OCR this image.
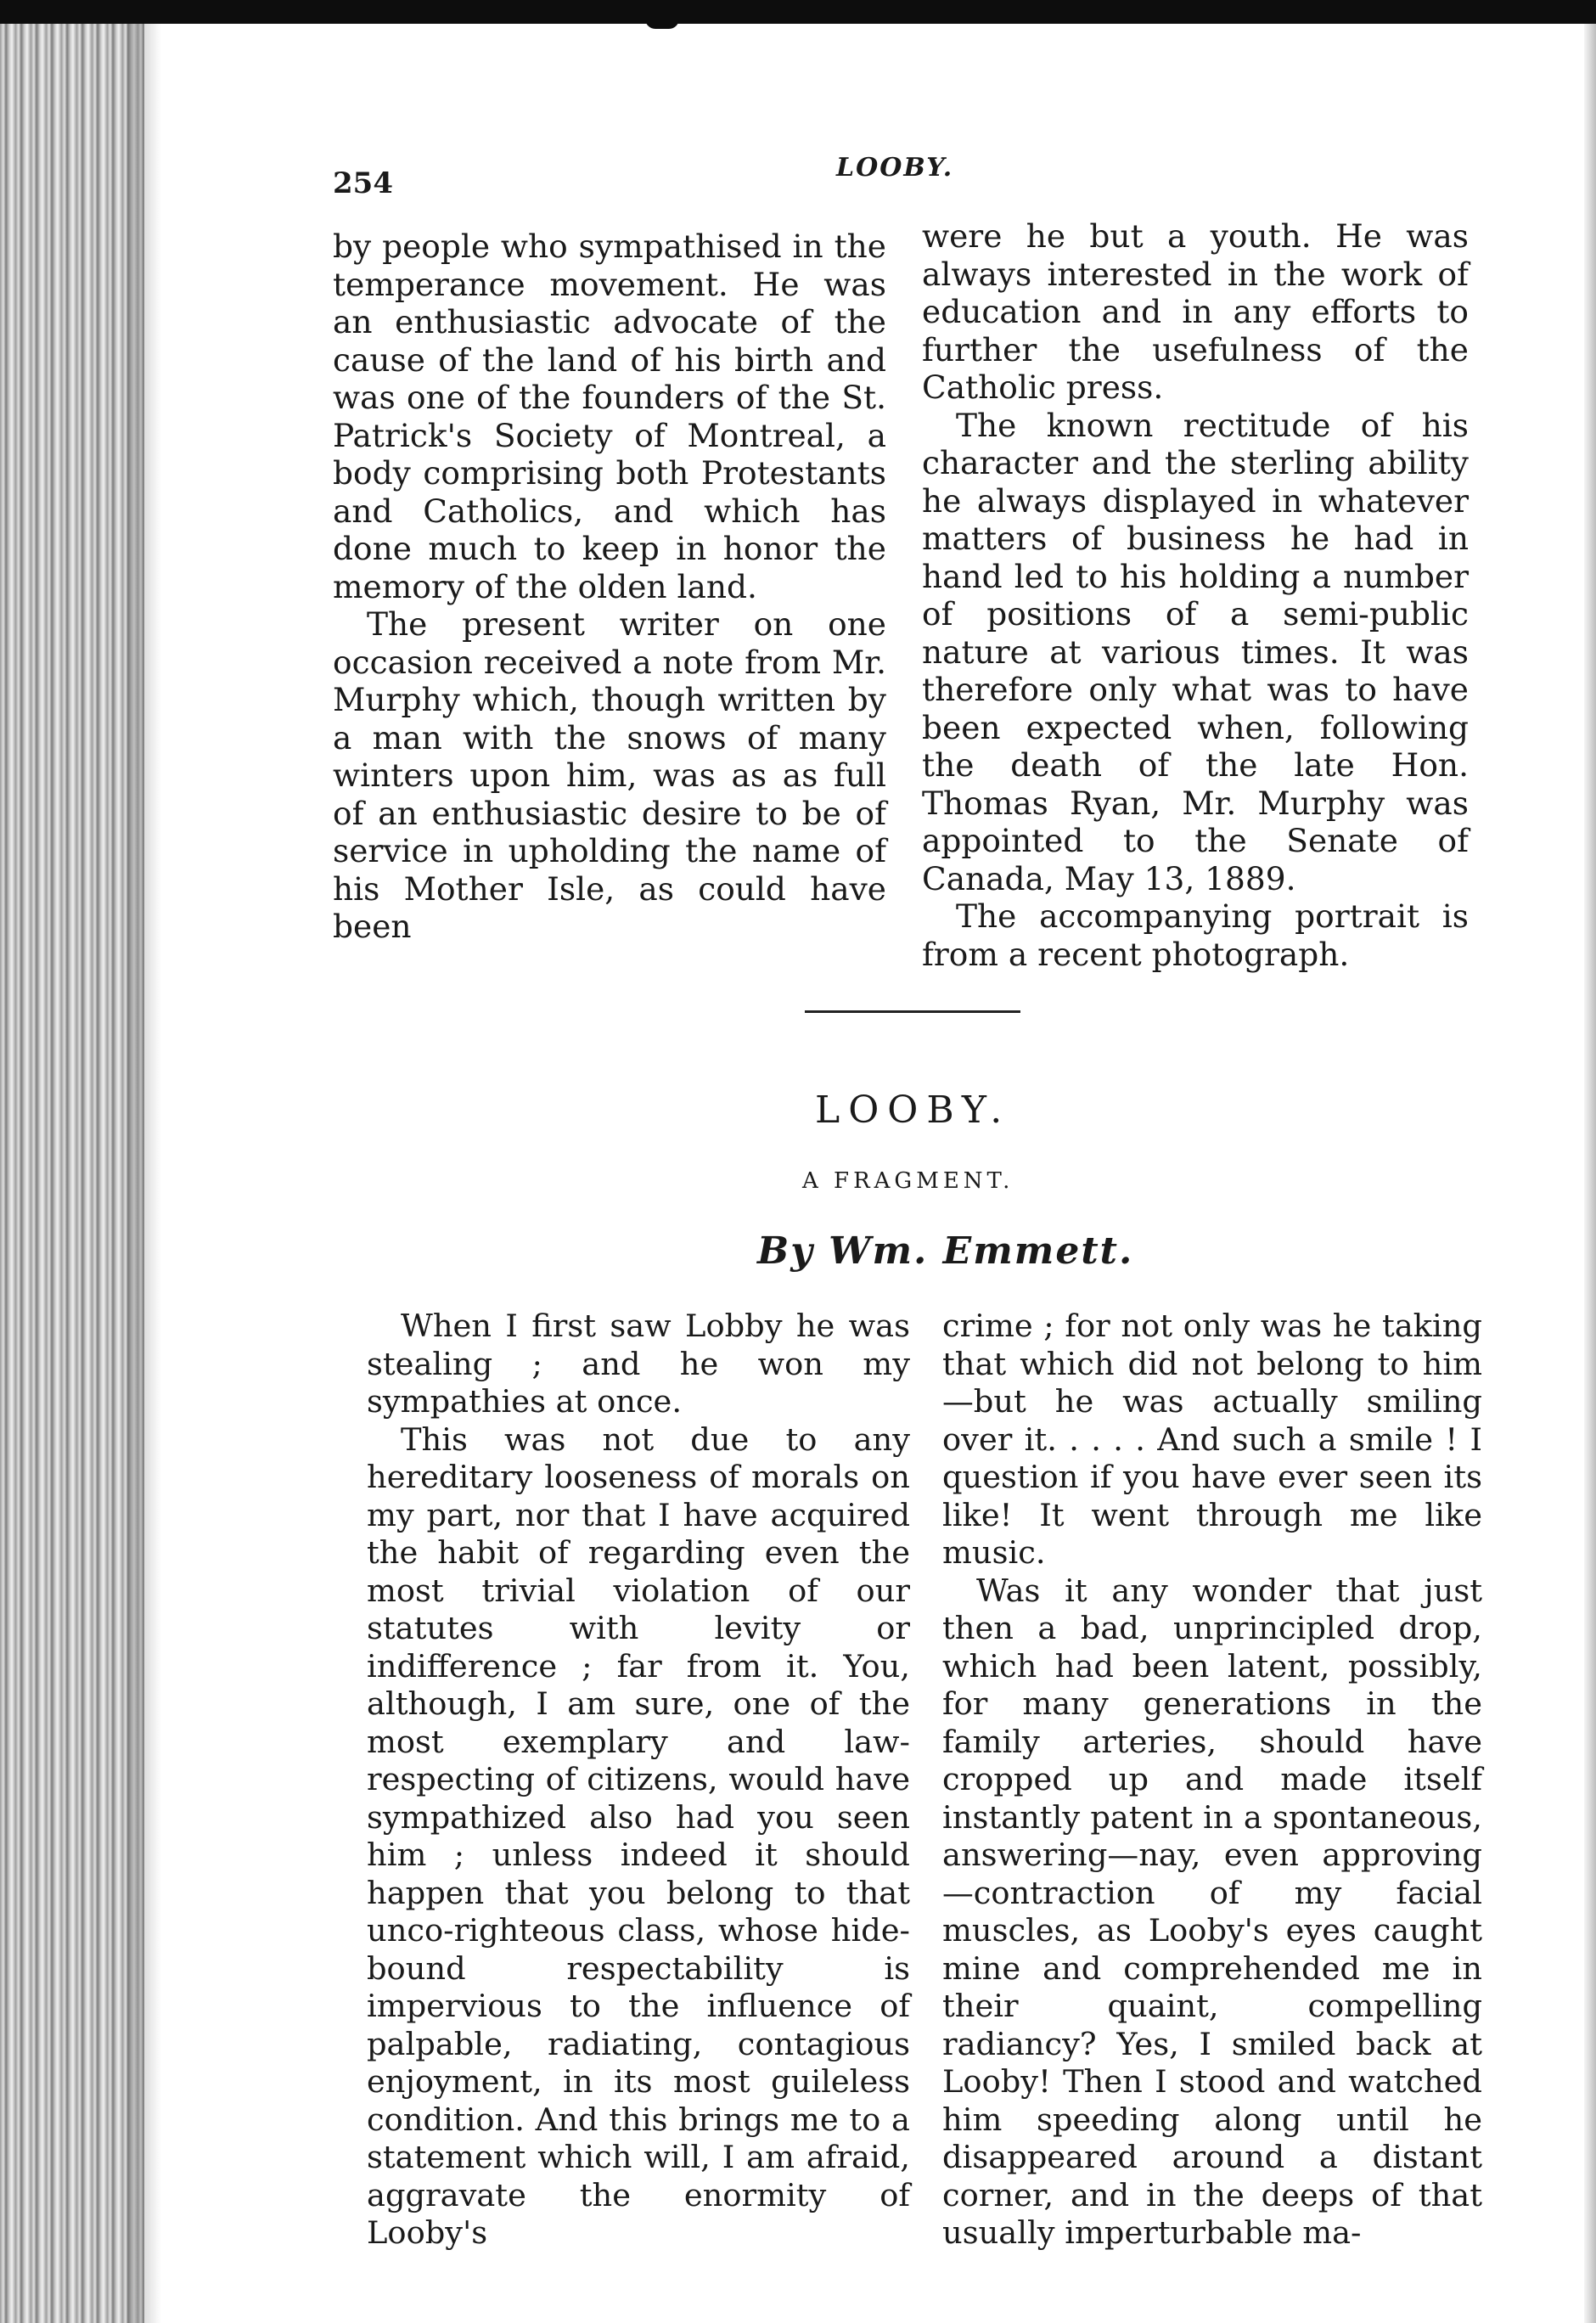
254	LOOBY.

by people who sympathised in the temperance movement. He was an enthusiastic advocate of the cause of the land of his birth and was one of the founders of the St. Patrick's Society of Montreal, a body comprising both Protestants and Catholics, and which has done much to keep in honor the memory of the olden land.

The present writer on one occasion received a note from Mr. Murphy which, though written by a man with the snows of many winters upon him, was as as full of an enthusiastic desire to be of service in upholding the name of his Mother Isle, as could have been

were he but a youth. He was always interested in the work of education and in any efforts to further the usefulness of the Catholic press.

The known rectitude of his character and the sterling ability he always displayed in whatever matters of business he had in hand led to his holding a number of positions of a semi-public nature at various times. It was therefore only what was to have been expected when, following the death of the late Hon. Thomas Ryan, Mr. Murphy was appointed to the Senate of Canada, May 13, 1889.

The accompanying portrait is from a recent photograph.

LOOBY.
A FRAGMENT.
By Wm. Emmett.

When I first saw Lobby he was stealing ; and he won my sympathies at once.

This was not due to any hereditary looseness of morals on my part, nor that I have acquired the habit of regarding even the most trivial violation of our statutes with levity or indifference ; far from it. You, although, I am sure, one of the most exemplary and law-respecting of citizens, would have sympathized also had you seen him ; unless indeed it should happen that you belong to that unco-righteous class, whose hide-bound respectability is impervious to the influence of palpable, radiating, contagious enjoyment, in its most guileless condition. And this brings me to a statement which will, I am afraid, aggravate the enormity of Looby's

crime ; for not only was he taking that which did not belong to him —but he was actually smiling over it. . . . . And such a smile ! I question if you have ever seen its like! It went through me like music.

Was it any wonder that just then a bad, unprincipled drop, which had been latent, possibly, for many generations in the family arteries, should have cropped up and made itself instantly patent in a spontaneous, answering—nay, even approving—contraction of my facial muscles, as Looby's eyes caught mine and comprehended me in their quaint, compelling radiancy? Yes, I smiled back at Looby! Then I stood and watched him speeding along until he disappeared around a distant corner, and in the deeps of that usually imperturbable ma-
